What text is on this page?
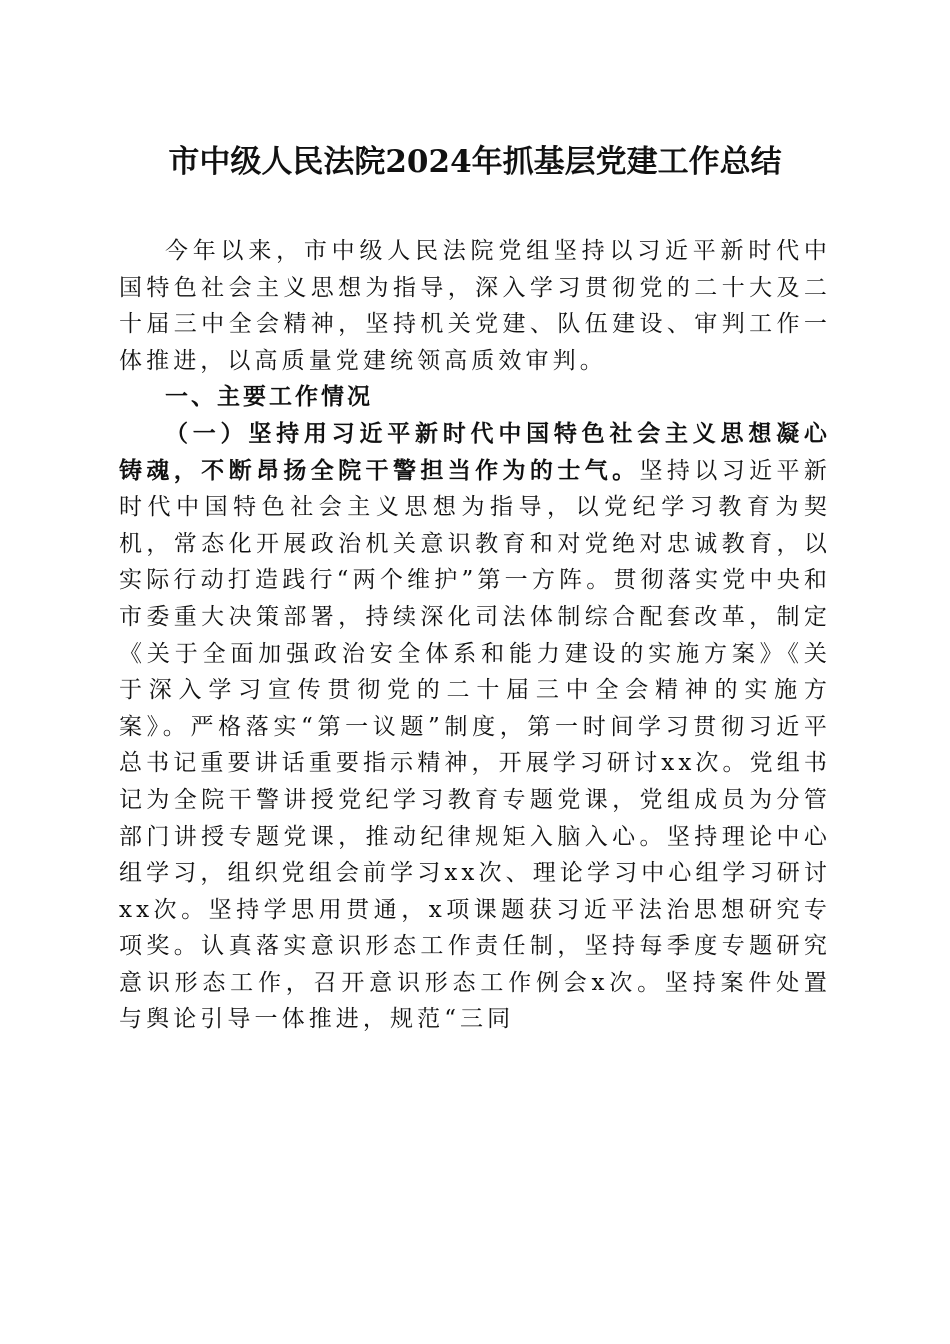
市中级人民法院2024年抓基层党建工作总结

今年以来，市中级人民法院党组坚持以习近平新时代中国特色社会主义思想为指导，深入学习贯彻党的二十大及二十届三中全会精神，坚持机关党建、队伍建设、审判工作一体推进，以高质量党建统领高质效审判。

一、主要工作情况

（一）坚持用习近平新时代中国特色社会主义思想凝心铸魂，不断昂扬全院干警担当作为的士气。坚持以习近平新时代中国特色社会主义思想为指导，以党纪学习教育为契机，常态化开展政治机关意识教育和对党绝对忠诚教育，以实际行动打造践行“两个维护”第一方阵。贯彻落实党中央和市委重大决策部署，持续深化司法体制综合配套改革，制定《关于全面加强政治安全体系和能力建设的实施方案》《关于深入学习宣传贯彻党的二十届三中全会精神的实施方案》。严格落实“第一议题”制度，第一时间学习贯彻习近平总书记重要讲话重要指示精神，开展学习研讨xx次。党组书记为全院干警讲授党纪学习教育专题党课，党组成员为分管部门讲授专题党课，推动纪律规矩入脑入心。坚持理论中心组学习，组织党组会前学习xx次、理论学习中心组学习研讨xx次。坚持学思用贯通，x项课题获习近平法治思想研究专项奖。认真落实意识形态工作责任制，坚持每季度专题研究意识形态工作，召开意识形态工作例会x次。坚持案件处置与舆论引导一体推进，规范“三同
